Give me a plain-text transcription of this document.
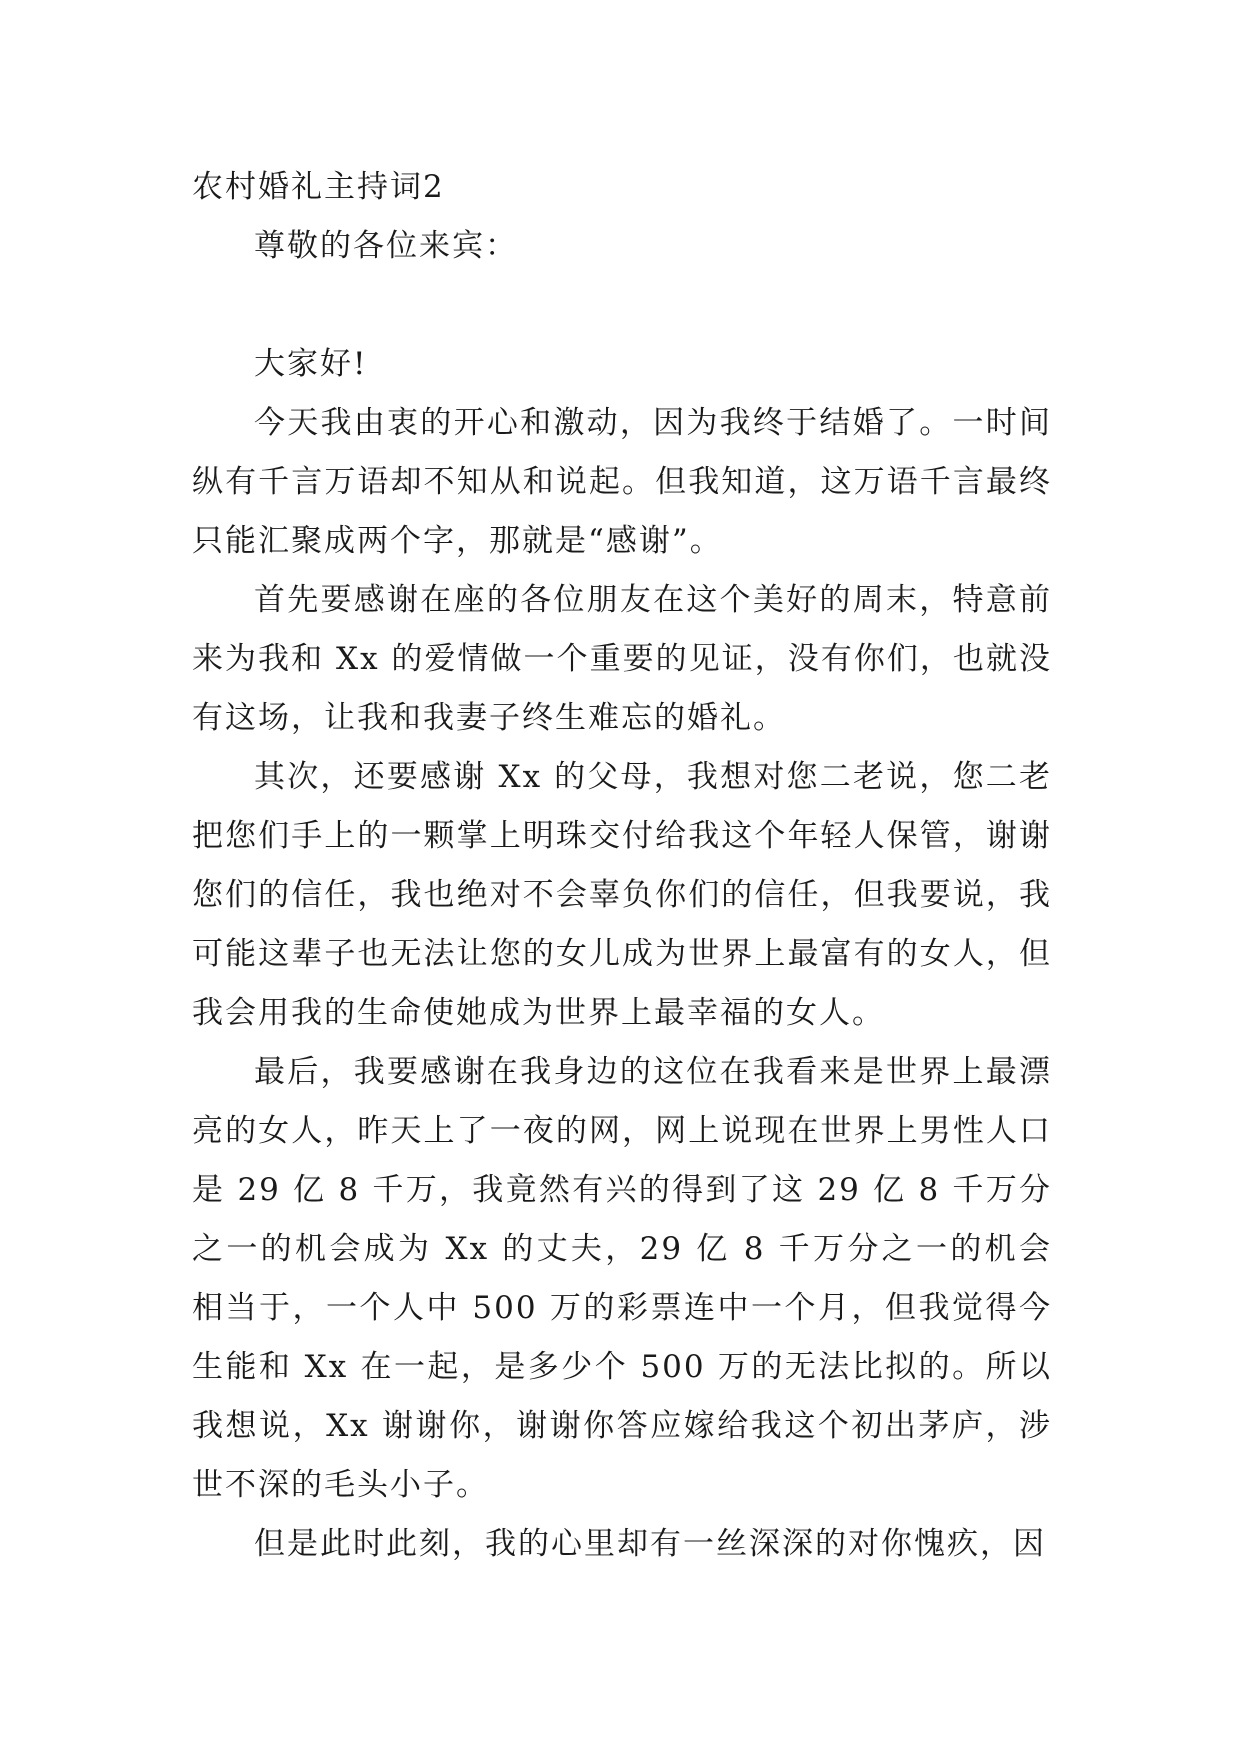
农村婚礼主持词2

尊敬的各位来宾：

大家好!

今天我由衷的开心和激动，因为我终于结婚了。一时间纵有千言万语却不知从和说起。但我知道，这万语千言最终只能汇聚成两个字，那就是“感谢”。

首先要感谢在座的各位朋友在这个美好的周末，特意前来为我和 Xx 的爱情做一个重要的见证，没有你们，也就没有这场，让我和我妻子终生难忘的婚礼。

其次，还要感谢 Xx 的父母，我想对您二老说，您二老把您们手上的一颗掌上明珠交付给我这个年轻人保管，谢谢您们的信任，我也绝对不会辜负你们的信任，但我要说，我可能这辈子也无法让您的女儿成为世界上最富有的女人，但我会用我的生命使她成为世界上最幸福的女人。

最后，我要感谢在我身边的这位在我看来是世界上最漂亮的女人，昨天上了一夜的网，网上说现在世界上男性人口是 29 亿 8 千万，我竟然有兴的得到了这 29 亿 8 千万分之一的机会成为 Xx 的丈夫，29 亿 8 千万分之一的机会相当于，一个人中 500 万的彩票连中一个月，但我觉得今生能和 Xx 在一起，是多少个 500 万的无法比拟的。所以我想说，Xx 谢谢你，谢谢你答应嫁给我这个初出茅庐，涉世不深的毛头小子。

但是此时此刻，我的心里却有一丝深深的对你愧疚，因
